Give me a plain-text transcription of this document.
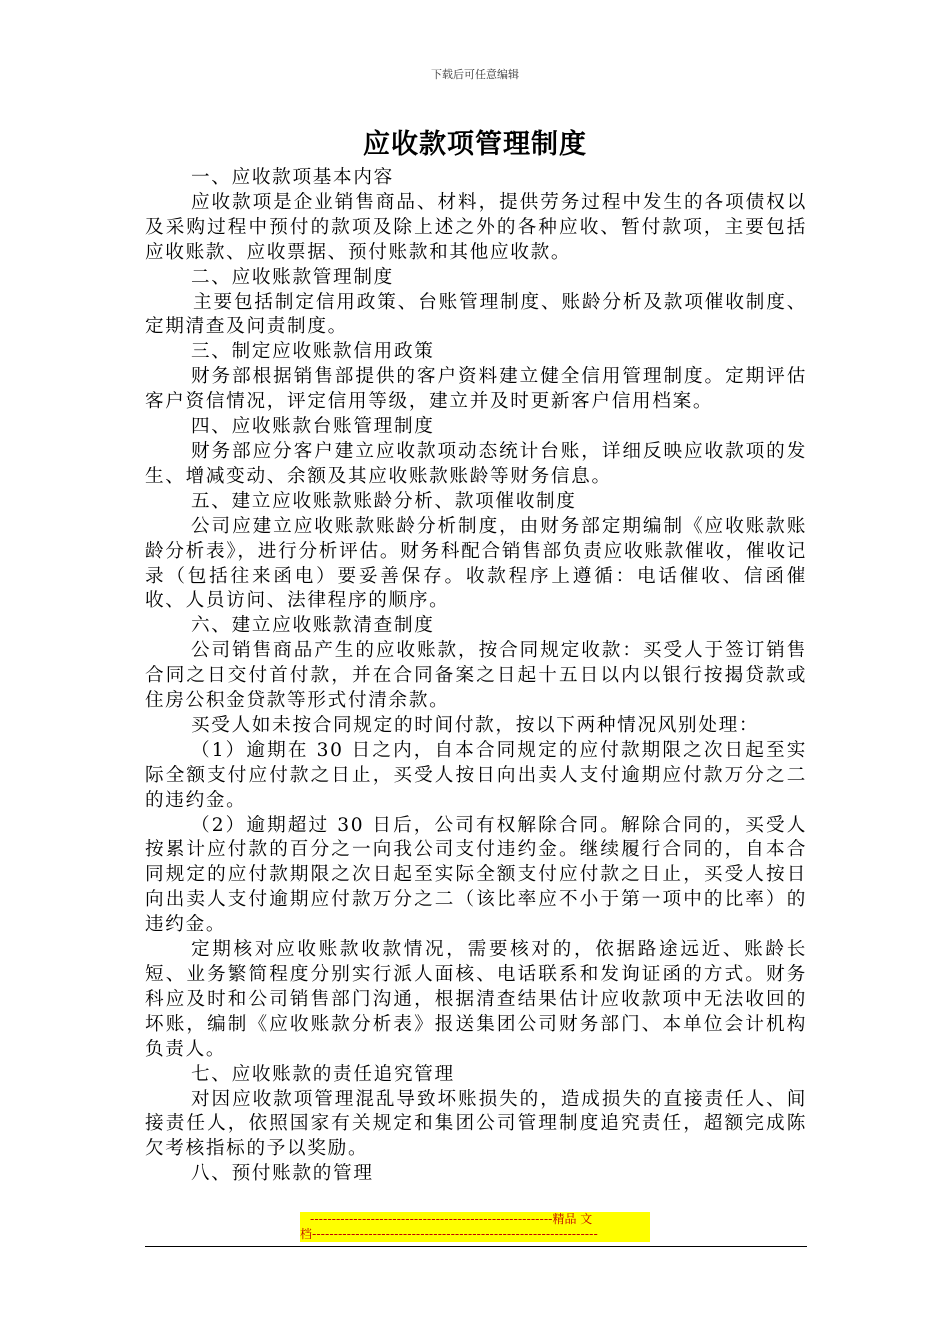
下载后可任意编辑
应收款项管理制度

一、应收款项基本内容

应收款项是企业销售商品、材料，提供劳务过程中发生的各项债权以及采购过程中预付的款项及除上述之外的各种应收、暂付款项，主要包括应收账款、应收票据、预付账款和其他应收款。

二、应收账款管理制度

主要包括制定信用政策、台账管理制度、账龄分析及款项催收制度、定期清查及问责制度。

三、制定应收账款信用政策

财务部根据销售部提供的客户资料建立健全信用管理制度。定期评估客户资信情况，评定信用等级，建立并及时更新客户信用档案。

四、应收账款台账管理制度

财务部应分客户建立应收款项动态统计台账，详细反映应收款项的发生、增减变动、余额及其应收账款账龄等财务信息。

五、建立应收账款账龄分析、款项催收制度

公司应建立应收账款账龄分析制度，由财务部定期编制《应收账款账龄分析表》，进行分析评估。财务科配合销售部负责应收账款催收，催收记录（包括往来函电）要妥善保存。收款程序上遵循：电话催收、信函催收、人员访问、法律程序的顺序。

六、建立应收账款清查制度

公司销售商品产生的应收账款，按合同规定收款：买受人于签订销售合同之日交付首付款，并在合同备案之日起十五日以内以银行按揭贷款或住房公积金贷款等形式付清余款。

买受人如未按合同规定的时间付款，按以下两种情况风别处理：

（1）逾期在 30 日之内，自本合同规定的应付款期限之次日起至实际全额支付应付款之日止，买受人按日向出卖人支付逾期应付款万分之二的违约金。

（2）逾期超过 30 日后，公司有权解除合同。解除合同的，买受人按累计应付款的百分之一向我公司支付违约金。继续履行合同的，自本合同规定的应付款期限之次日起至实际全额支付应付款之日止，买受人按日向出卖人支付逾期应付款万分之二（该比率应不小于第一项中的比率）的违约金。

定期核对应收账款收款情况，需要核对的，依据路途远近、账龄长短、业务繁简程度分别实行派人面核、电话联系和发询证函的方式。财务科应及时和公司销售部门沟通，根据清查结果估计应收款项中无法收回的坏账，编制《应收账款分析表》报送集团公司财务部门、本单位会计机构负责人。

七、应收账款的责任追究管理

对因应收款项管理混乱导致坏账损失的，造成损失的直接责任人、间接责任人，依照国家有关规定和集团公司管理制度追究责任，超额完成陈欠考核指标的予以奖励。

八、预付账款的管理

--------------------------------------------------------精品 文
档------------------------------------------------------------------
